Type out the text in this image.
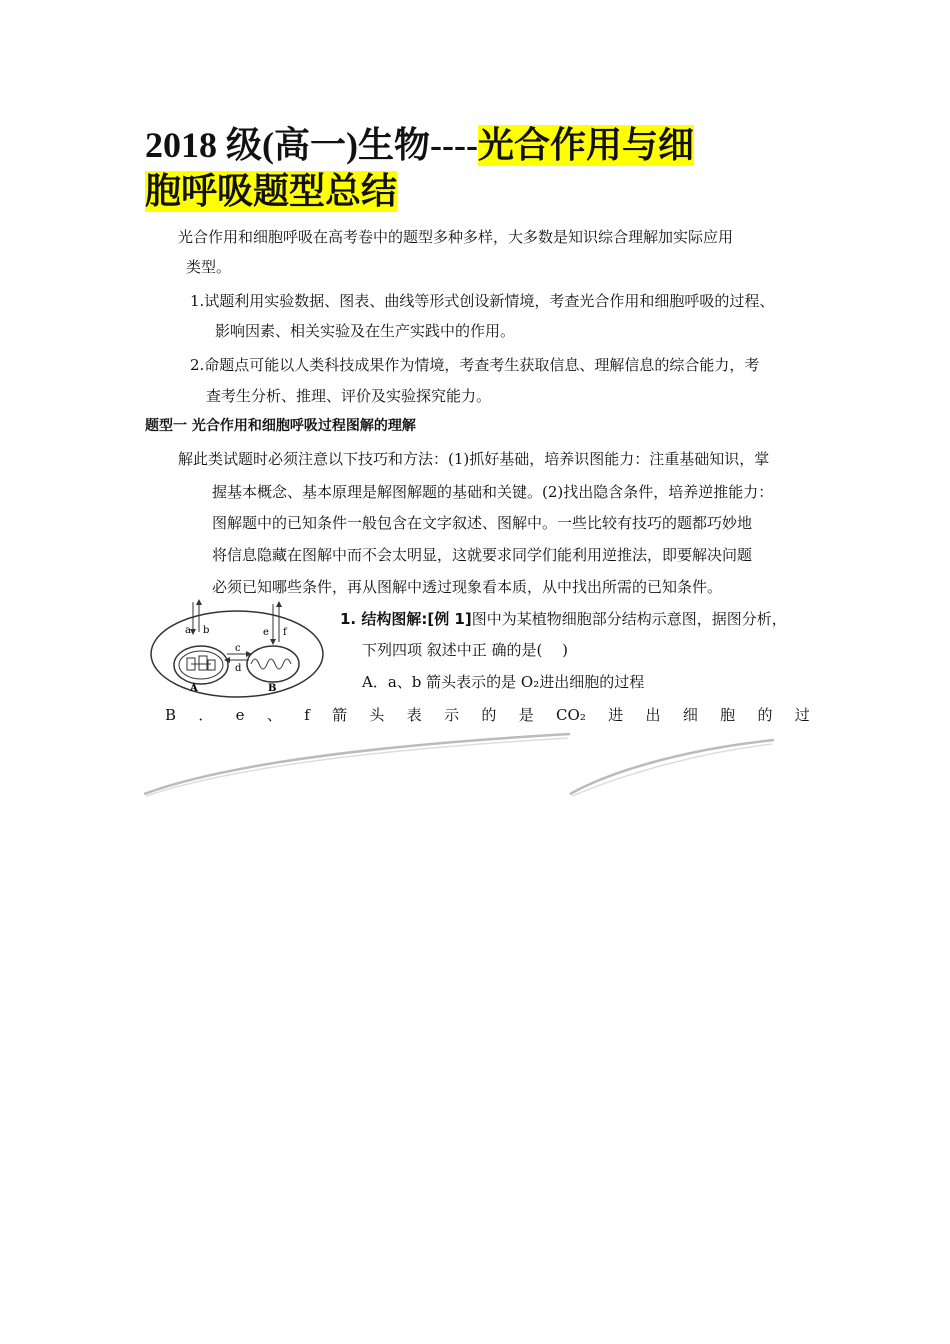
2018 级(高一)生物----光合作用与细
胞呼吸题型总结

光合作用和细胞呼吸在高考卷中的题型多种多样，大多数是知识综合理解加实际应用

类型。

1.试题利用实验数据、图表、曲线等形式创设新情境，考查光合作用和细胞呼吸的过程、

影响因素、相关实验及在生产实践中的作用。

2.命题点可能以人类科技成果作为情境，考查考生获取信息、理解信息的综合能力，考

查考生分析、推理、评价及实验探究能力。

题型一 光合作用和细胞呼吸过程图解的理解

解此类试题时必须注意以下技巧和方法：(1)抓好基础，培养识图能力：注重基础知识，掌

握基本概念、基本原理是解图解题的基础和关键。(2)找出隐含条件，培养逆推能力：

图解题中的已知条件一般包含在文字叙述、图解中。一些比较有技巧的题都巧妙地

将信息隐藏在图解中而不会太明显，这就要求同学们能利用逆推法，即要解决问题

必须已知哪些条件，再从图解中透过现象看本质，从中找出所需的已知条件。

a b
c
d
e f
A	B

1. 结构图解:[例 1]图中为某植物细胞部分结构示意图，据图分析，

下列四项 叙述中正 确的是(　 )

A．a、b 箭头表示的是 O₂进出细胞的过程

B ． e 、 f 箭 头 表 示 的 是 CO₂ 进 出 细 胞 的 过
